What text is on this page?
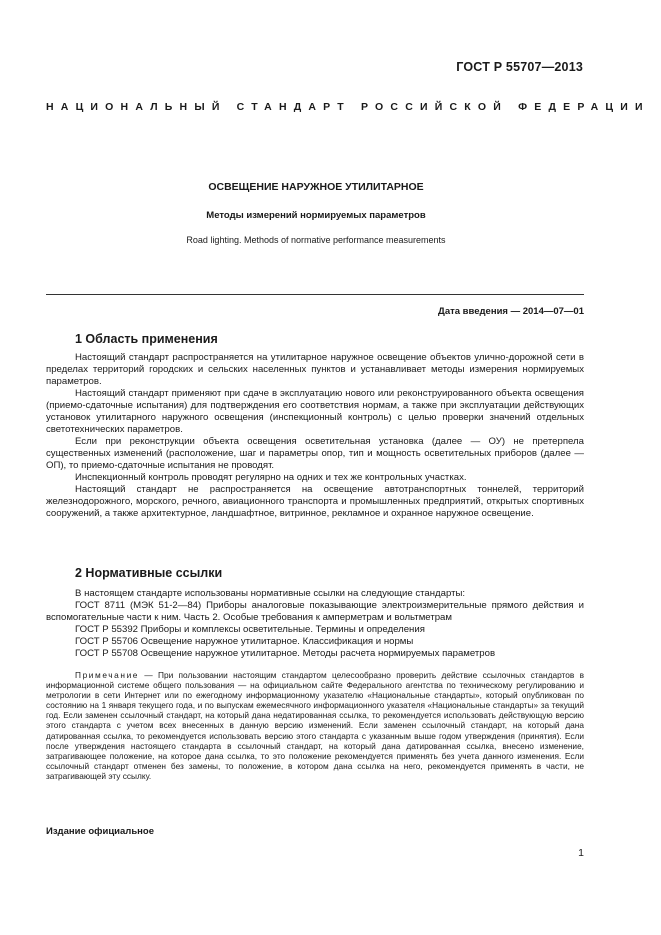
ГОСТ Р 55707—2013
НАЦИОНАЛЬНЫЙ СТАНДАРТ РОССИЙСКОЙ ФЕДЕРАЦИИ
ОСВЕЩЕНИЕ НАРУЖНОЕ УТИЛИТАРНОЕ
Методы измерений нормируемых параметров
Road lighting. Methods of normative performance measurements
Дата введения — 2014—07—01
1 Область применения

Настоящий стандарт распространяется на утилитарное наружное освещение объектов улично-дорожной сети в пределах территорий городских и сельских населенных пунктов и устанавливает методы измерения нормируемых параметров.

Настоящий стандарт применяют при сдаче в эксплуатацию нового или реконструированного объекта освещения (приемо-сдаточные испытания) для подтверждения его соответствия нормам, а также при эксплуатации действующих установок утилитарного наружного освещения (инспекционный контроль) с целью проверки значений отдельных светотехнических параметров.

Если при реконструкции объекта освещения осветительная установка (далее — ОУ) не претерпела существенных изменений (расположение, шаг и параметры опор, тип и мощность осветительных приборов (далее — ОП), то приемо-сдаточные испытания не проводят.

Инспекционный контроль проводят регулярно на одних и тех же контрольных участках.

Настоящий стандарт не распространяется на освещение автотранспортных тоннелей, территорий железнодорожного, морского, речного, авиационного транспорта и промышленных предприятий, открытых спортивных сооружений, а также архитектурное, ландшафтное, витринное, рекламное и охранное наружное освещение.

2 Нормативные ссылки

В настоящем стандарте использованы нормативные ссылки на следующие стандарты:

ГОСТ 8711 (МЭК 51-2—84) Приборы аналоговые показывающие электроизмерительные прямого действия и вспомогательные части к ним. Часть 2. Особые требования к амперметрам и вольтметрам

ГОСТ Р 55392 Приборы и комплексы осветительные. Термины и определения

ГОСТ Р 55706 Освещение наружное утилитарное. Классификация и нормы

ГОСТ Р 55708 Освещение наружное утилитарное. Методы расчета нормируемых параметров

Примечание — При пользовании настоящим стандартом целесообразно проверить действие ссылочных стандартов в информационной системе общего пользования — на официальном сайте Федерального агентства по техническому регулированию и метрологии в сети Интернет или по ежегодному информационному указателю «Национальные стандарты», который опубликован по состоянию на 1 января текущего года, и по выпускам ежемесячного информационного указателя «Национальные стандарты» за текущий год. Если заменен ссылочный стандарт, на который дана недатированная ссылка, то рекомендуется использовать действующую версию этого стандарта с учетом всех внесенных в данную версию изменений. Если заменен ссылочный стандарт, на который дана датированная ссылка, то рекомендуется использовать версию этого стандарта с указанным выше годом утверждения (принятия). Если после утверждения настоящего стандарта в ссылочный стандарт, на который дана датированная ссылка, внесено изменение, затрагивающее положение, на которое дана ссылка, то это положение рекомендуется применять без учета данного изменения. Если ссылочный стандарт отменен без замены, то положение, в котором дана ссылка на него, рекомендуется применять в части, не затрагивающей эту ссылку.

Издание официальное
1
